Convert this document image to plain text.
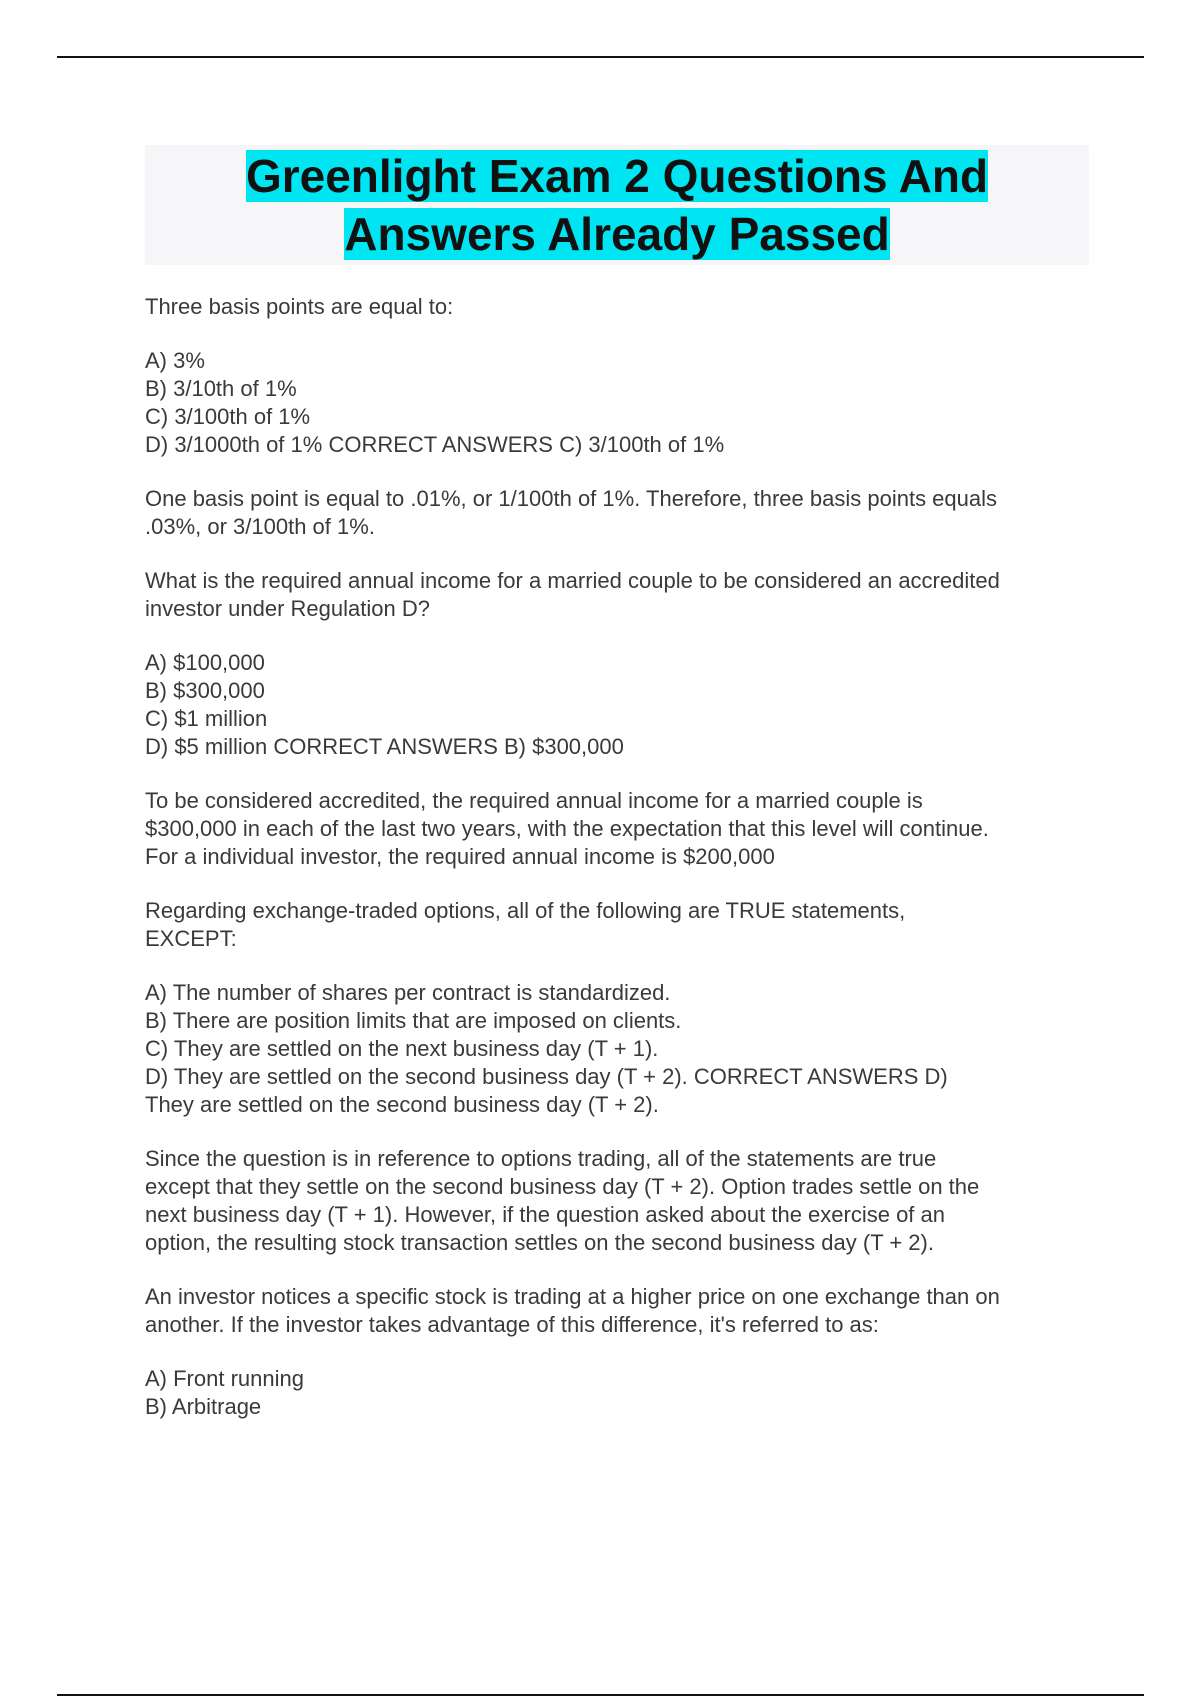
Greenlight Exam 2 Questions And Answers Already Passed
Three basis points are equal to:
A) 3%
B) 3/10th of 1%
C) 3/100th of 1%
D) 3/1000th of 1% CORRECT ANSWERS C) 3/100th of 1%
One basis point is equal to .01%, or 1/100th of 1%. Therefore, three basis points equals
.03%, or 3/100th of 1%.
What is the required annual income for a married couple to be considered an accredited
investor under Regulation D?
A) $100,000
B) $300,000
C) $1 million
D) $5 million CORRECT ANSWERS B) $300,000
To be considered accredited, the required annual income for a married couple is
$300,000 in each of the last two years, with the expectation that this level will continue.
For a individual investor, the required annual income is $200,000
Regarding exchange-traded options, all of the following are TRUE statements,
EXCEPT:
A) The number of shares per contract is standardized.
B) There are position limits that are imposed on clients.
C) They are settled on the next business day (T + 1).
D) They are settled on the second business day (T + 2). CORRECT ANSWERS D)
They are settled on the second business day (T + 2).
Since the question is in reference to options trading, all of the statements are true
except that they settle on the second business day (T + 2). Option trades settle on the
next business day (T + 1). However, if the question asked about the exercise of an
option, the resulting stock transaction settles on the second business day (T + 2).
An investor notices a specific stock is trading at a higher price on one exchange than on
another. If the investor takes advantage of this difference, it's referred to as:
A) Front running
B) Arbitrage
